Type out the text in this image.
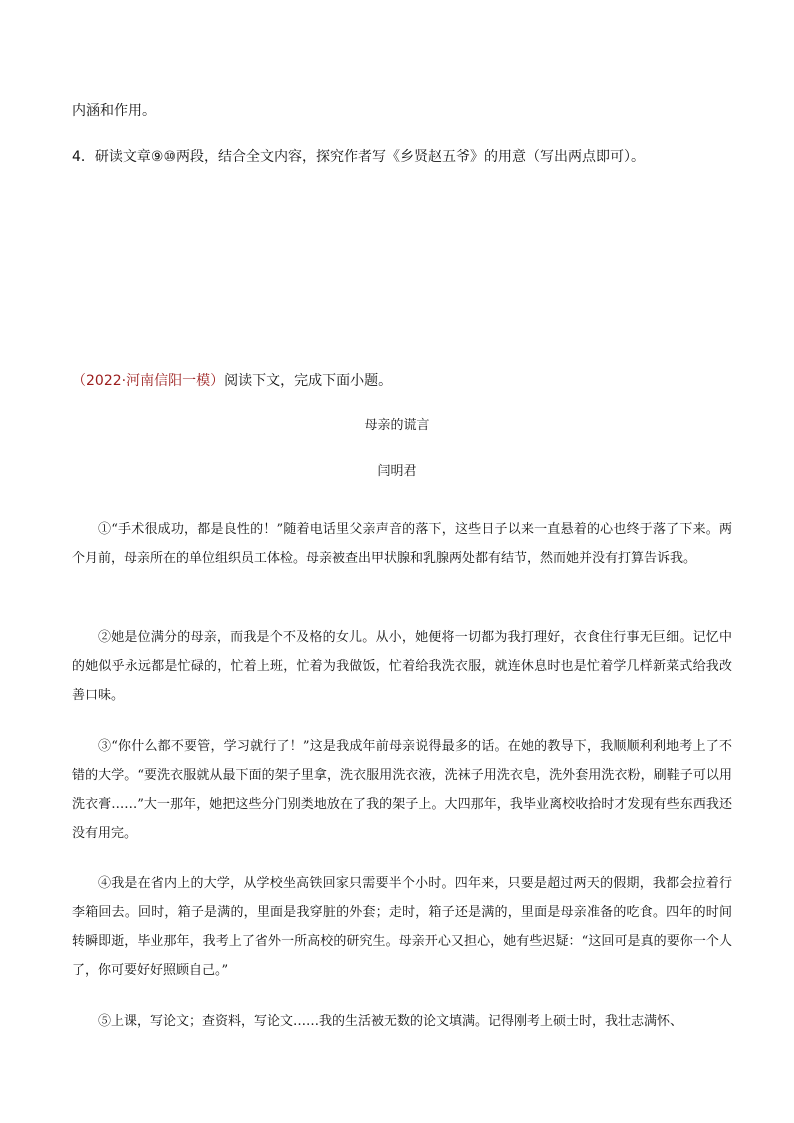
内涵和作用。
4．研读文章⑨⑩两段，结合全文内容，探究作者写《乡贤赵五爷》的用意（写出两点即可）。
（2022·河南信阳一模）阅读下文，完成下面小题。
母亲的谎言
闫明君

①“手术很成功，都是良性的！”随着电话里父亲声音的落下，这些日子以来一直悬着的心也终于落了下来。两个月前，母亲所在的单位组织员工体检。母亲被查出甲状腺和乳腺两处都有结节，然而她并没有打算告诉我。

②她是位满分的母亲，而我是个不及格的女儿。从小，她便将一切都为我打理好，衣食住行事无巨细。记忆中的她似乎永远都是忙碌的，忙着上班，忙着为我做饭，忙着给我洗衣服，就连休息时也是忙着学几样新菜式给我改善口味。

③“你什么都不要管，学习就行了！”这是我成年前母亲说得最多的话。在她的教导下，我顺顺利利地考上了不错的大学。“要洗衣服就从最下面的架子里拿，洗衣服用洗衣液，洗袜子用洗衣皂，洗外套用洗衣粉，刷鞋子可以用洗衣膏……”大一那年，她把这些分门别类地放在了我的架子上。大四那年，我毕业离校收拾时才发现有些东西我还没有用完。

④我是在省内上的大学，从学校坐高铁回家只需要半个小时。四年来，只要是超过两天的假期，我都会拉着行李箱回去。回时，箱子是满的，里面是我穿脏的外套；走时，箱子还是满的，里面是母亲准备的吃食。四年的时间转瞬即逝，毕业那年，我考上了省外一所高校的研究生。母亲开心又担心，她有些迟疑：“这回可是真的要你一个人了，你可要好好照顾自己。”

⑤上课，写论文；查资料，写论文……我的生活被无数的论文填满。记得刚考上硕士时，我壮志满怀、
